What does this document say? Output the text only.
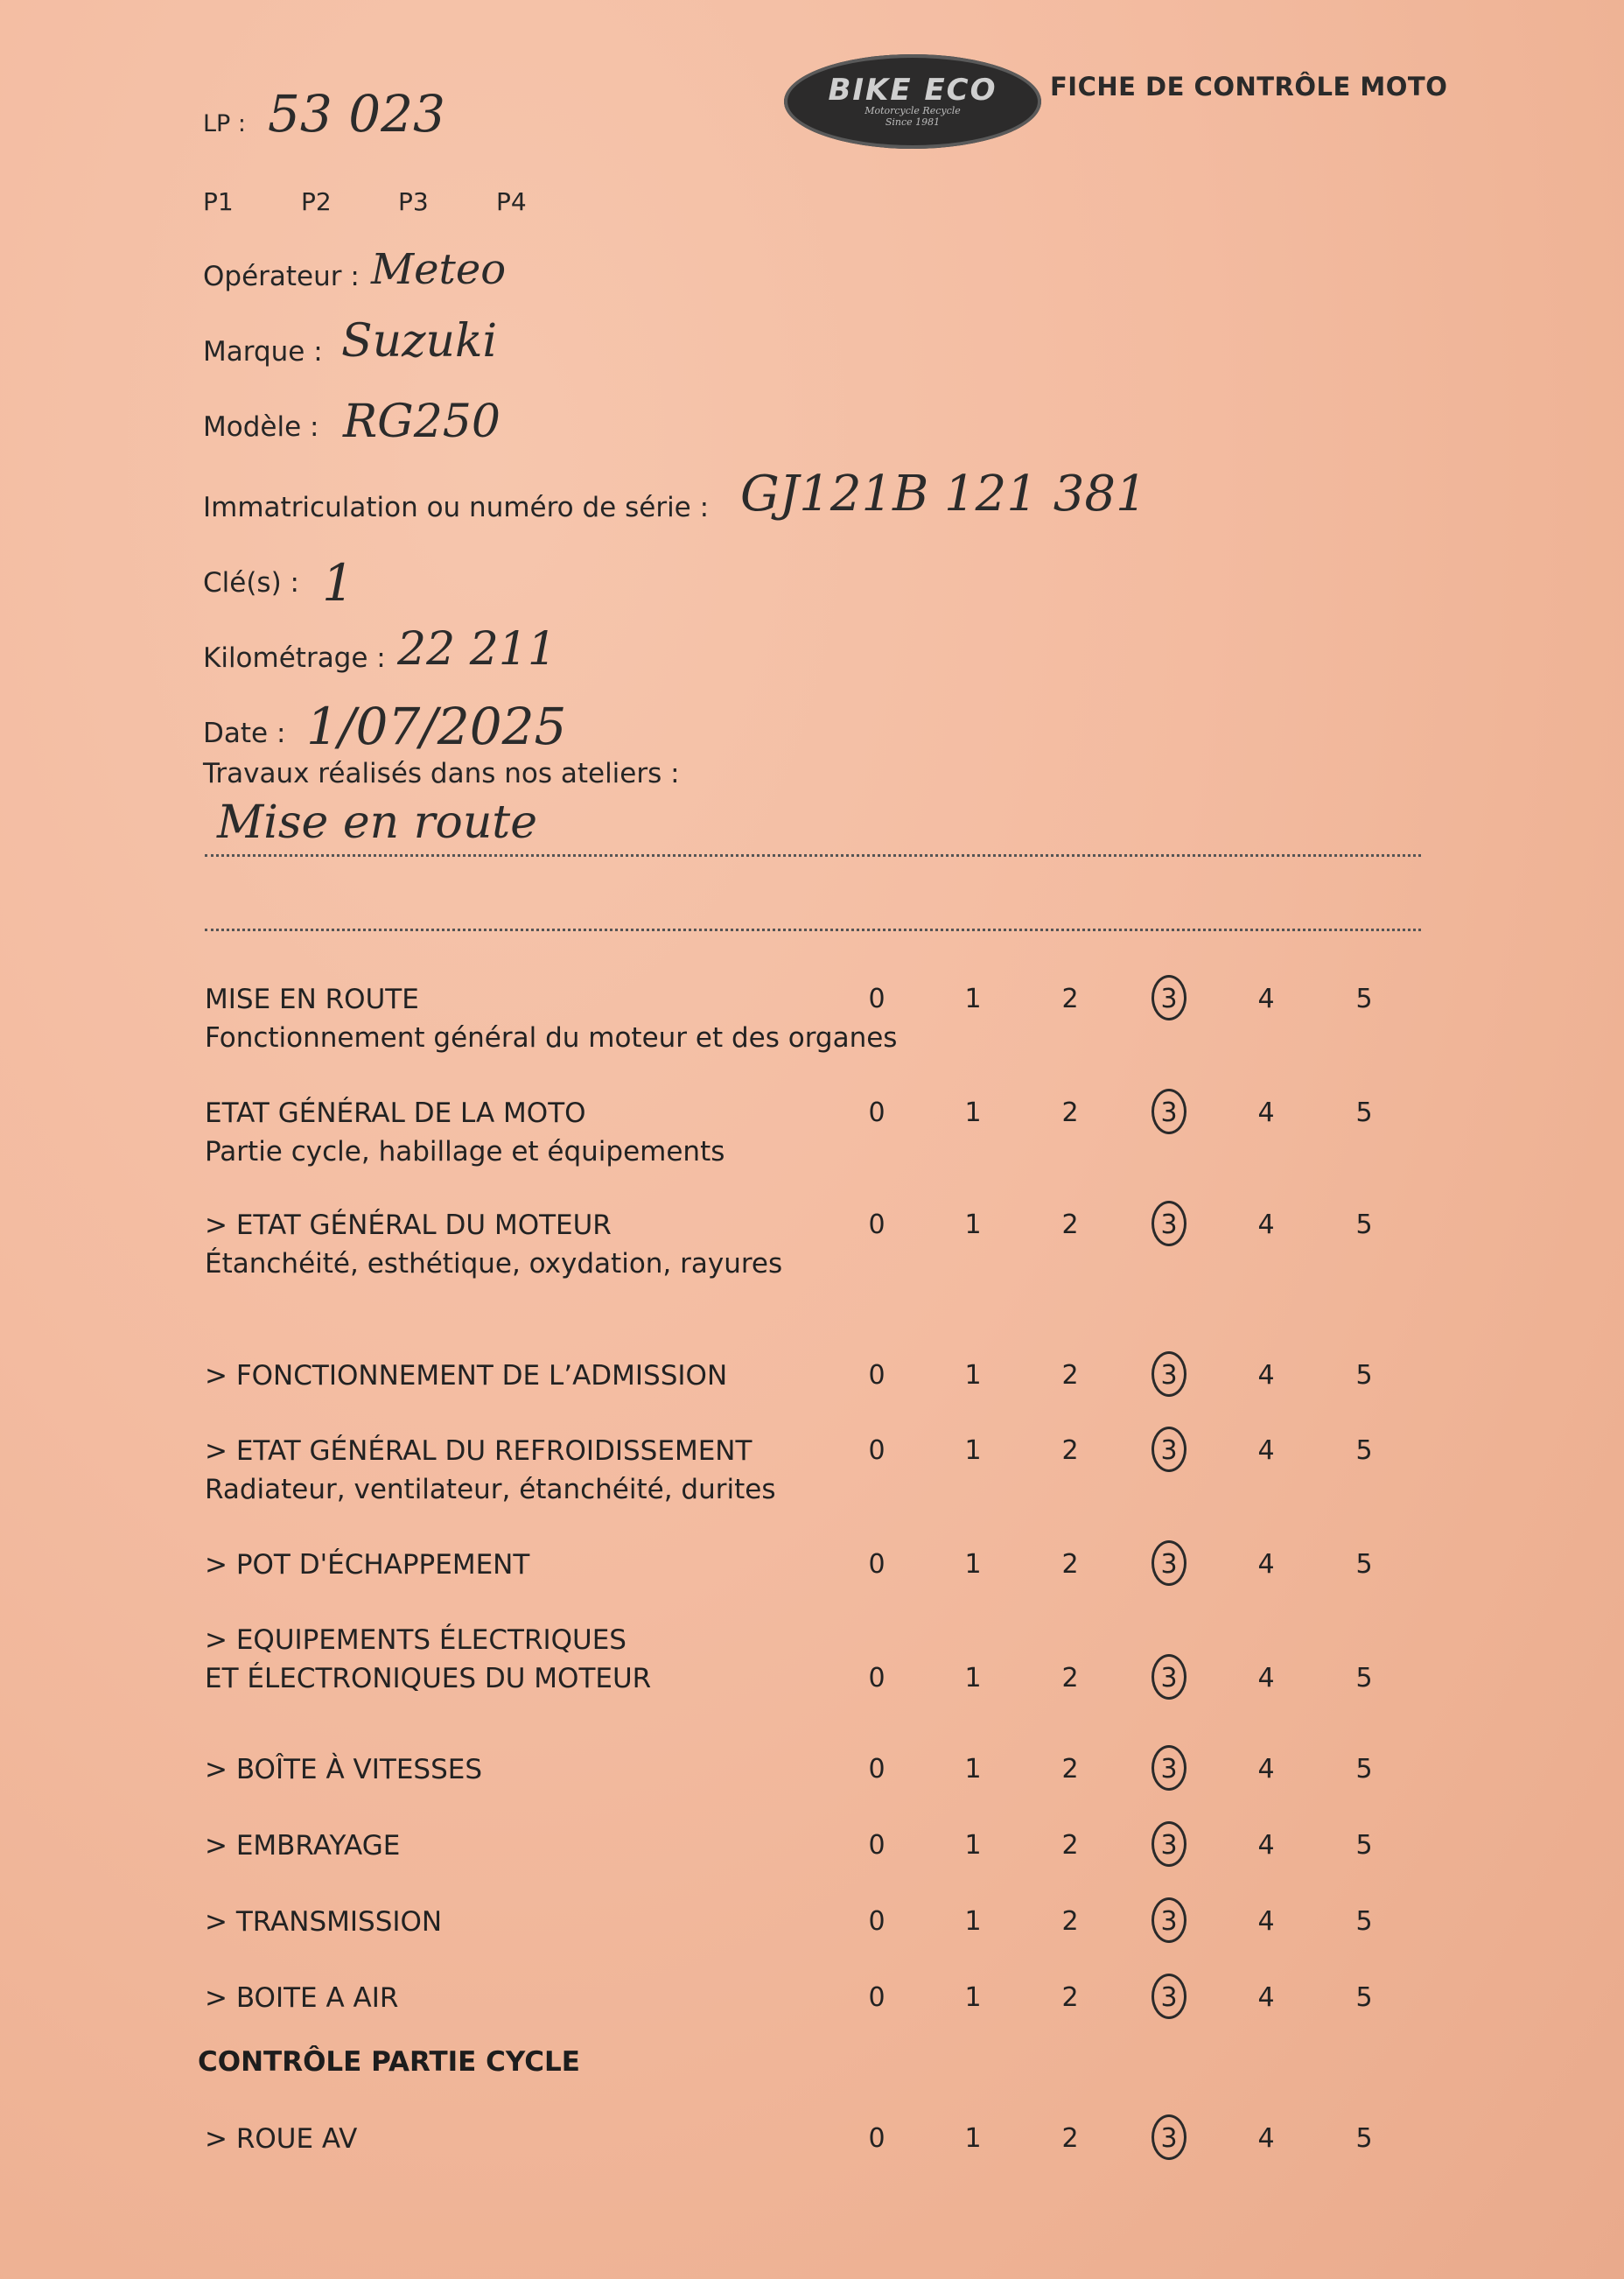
BIKE ECO
Motorcycle Recycle
Since 1981
FICHE DE CONTRÔLE MOTO
LP : 53 023
P1	P2	P3	P4
Opérateur : Meteo
Marque : Suzuki
Modèle : RG250
Immatriculation ou numéro de série : GJ121B 121 381
Clé(s) : 1
Kilométrage : 22 211
Date : 1/07/2025
Travaux réalisés dans nos ateliers :
Mise en route
MISE EN ROUTE
Fonctionnement général du moteur et des organes
0	1	2	3	4	5
ETAT GÉNÉRAL DE LA MOTO
Partie cycle, habillage et équipements
0	1	2	3	4	5
> ETAT GÉNÉRAL DU MOTEUR
Étanchéité, esthétique, oxydation, rayures
0	1	2	3	4	5
> FONCTIONNEMENT DE L’ADMISSION	0	1	2	3	4	5
> ETAT GÉNÉRAL DU REFROIDISSEMENT
Radiateur, ventilateur, étanchéité, durites
0	1	2	3	4	5
> POT D'ÉCHAPPEMENT	0	1	2	3	4	5
> EQUIPEMENTS ÉLECTRIQUES
ET ÉLECTRONIQUES DU MOTEUR	0	1	2	3	4	5
> BOÎTE À VITESSES	0	1	2	3	4	5
> EMBRAYAGE	0	1	2	3	4	5
> TRANSMISSION	0	1	2	3	4	5
> BOITE A AIR	0	1	2	3	4	5
CONTRÔLE PARTIE CYCLE
> ROUE AV	0	1	2	3	4	5
